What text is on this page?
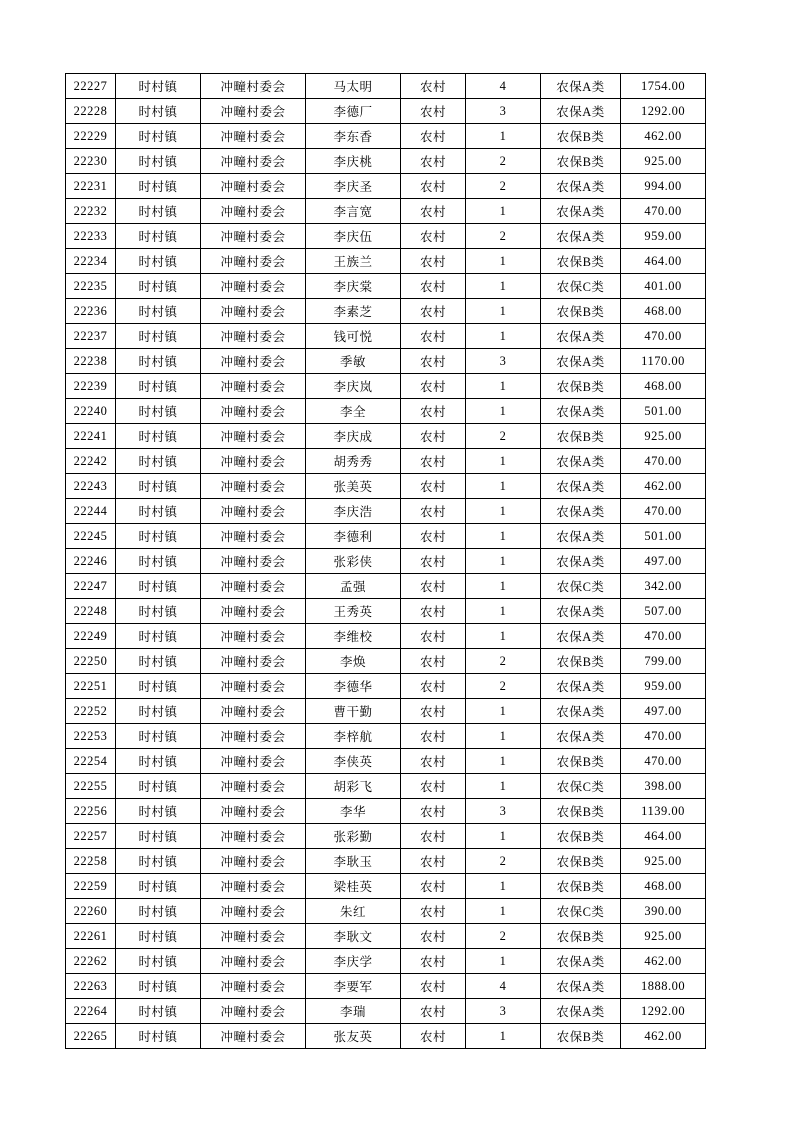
22227	时村镇	冲疃村委会	马太明	农村	4	农保A类	1754.00
22228	时村镇	冲疃村委会	李德厂	农村	3	农保A类	1292.00
22229	时村镇	冲疃村委会	李东香	农村	1	农保B类	462.00
22230	时村镇	冲疃村委会	李庆桃	农村	2	农保B类	925.00
22231	时村镇	冲疃村委会	李庆圣	农村	2	农保A类	994.00
22232	时村镇	冲疃村委会	李言宽	农村	1	农保A类	470.00
22233	时村镇	冲疃村委会	李庆伍	农村	2	农保A类	959.00
22234	时村镇	冲疃村委会	王族兰	农村	1	农保B类	464.00
22235	时村镇	冲疃村委会	李庆棠	农村	1	农保C类	401.00
22236	时村镇	冲疃村委会	李素芝	农村	1	农保B类	468.00
22237	时村镇	冲疃村委会	钱可悦	农村	1	农保A类	470.00
22238	时村镇	冲疃村委会	季敏	农村	3	农保A类	1170.00
22239	时村镇	冲疃村委会	李庆岚	农村	1	农保B类	468.00
22240	时村镇	冲疃村委会	李全	农村	1	农保A类	501.00
22241	时村镇	冲疃村委会	李庆成	农村	2	农保B类	925.00
22242	时村镇	冲疃村委会	胡秀秀	农村	1	农保A类	470.00
22243	时村镇	冲疃村委会	张美英	农村	1	农保A类	462.00
22244	时村镇	冲疃村委会	李庆浩	农村	1	农保A类	470.00
22245	时村镇	冲疃村委会	李德利	农村	1	农保A类	501.00
22246	时村镇	冲疃村委会	张彩侠	农村	1	农保A类	497.00
22247	时村镇	冲疃村委会	孟强	农村	1	农保C类	342.00
22248	时村镇	冲疃村委会	王秀英	农村	1	农保A类	507.00
22249	时村镇	冲疃村委会	李维校	农村	1	农保A类	470.00
22250	时村镇	冲疃村委会	李焕	农村	2	农保B类	799.00
22251	时村镇	冲疃村委会	李德华	农村	2	农保A类	959.00
22252	时村镇	冲疃村委会	曹干勤	农村	1	农保A类	497.00
22253	时村镇	冲疃村委会	李梓航	农村	1	农保A类	470.00
22254	时村镇	冲疃村委会	李侠英	农村	1	农保B类	470.00
22255	时村镇	冲疃村委会	胡彩飞	农村	1	农保C类	398.00
22256	时村镇	冲疃村委会	李华	农村	3	农保B类	1139.00
22257	时村镇	冲疃村委会	张彩勤	农村	1	农保B类	464.00
22258	时村镇	冲疃村委会	李耿玉	农村	2	农保B类	925.00
22259	时村镇	冲疃村委会	梁桂英	农村	1	农保B类	468.00
22260	时村镇	冲疃村委会	朱红	农村	1	农保C类	390.00
22261	时村镇	冲疃村委会	李耿文	农村	2	农保B类	925.00
22262	时村镇	冲疃村委会	李庆学	农村	1	农保A类	462.00
22263	时村镇	冲疃村委会	李要军	农村	4	农保A类	1888.00
22264	时村镇	冲疃村委会	李瑞	农村	3	农保A类	1292.00
22265	时村镇	冲疃村委会	张友英	农村	1	农保B类	462.00
